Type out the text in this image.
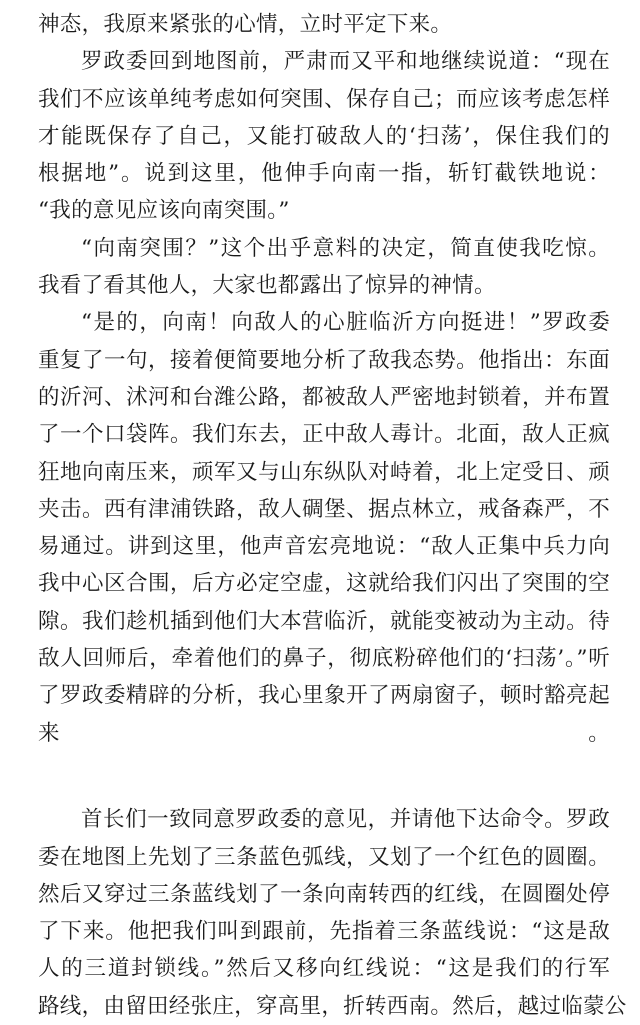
神态，我原来紧张的心情，立时平定下来。
罗政委回到地图前，严肃而又平和地继续说道：“现在
我们不应该单纯考虑如何突围、保存自己；而应该考虑怎样
才能既保存了自己，又能打破敌人的‘扫荡’，保住我们的
根据地”。说到这里，他伸手向南一指，斩钉截铁地说：
“我的意见应该向南突围。”
“向南突围？”这个出乎意料的决定，简直使我吃惊。
我看了看其他人，大家也都露出了惊异的神情。
“是的，向南！向敌人的心脏临沂方向挺进！”罗政委
重复了一句，接着便简要地分析了敌我态势。他指出：东面
的沂河、沭河和台潍公路，都被敌人严密地封锁着，并布置
了一个口袋阵。我们东去，正中敌人毒计。北面，敌人正疯
狂地向南压来，顽军又与山东纵队对峙着，北上定受日、顽
夹击。西有津浦铁路，敌人碉堡、据点林立，戒备森严，不
易通过。讲到这里，他声音宏亮地说：“敌人正集中兵力向
我中心区合围，后方必定空虚，这就给我们闪出了突围的空
隙。我们趁机插到他们大本营临沂，就能变被动为主动。待
敌人回师后，牵着他们的鼻子，彻底粉碎他们的‘扫荡’。”听
了罗政委精辟的分析，我心里象开了两扇窗子，顿时豁亮起
来。
首长们一致同意罗政委的意见，并请他下达命令。罗政
委在地图上先划了三条蓝色弧线，又划了一个红色的圆圈。
然后又穿过三条蓝线划了一条向南转西的红线，在圆圈处停
了下来。他把我们叫到跟前，先指着三条蓝线说：“这是敌
人的三道封锁线。”然后又移向红线说：“这是我们的行军
路线，由留田经张庄，穿高里，折转西南。然后，越过临蒙公
